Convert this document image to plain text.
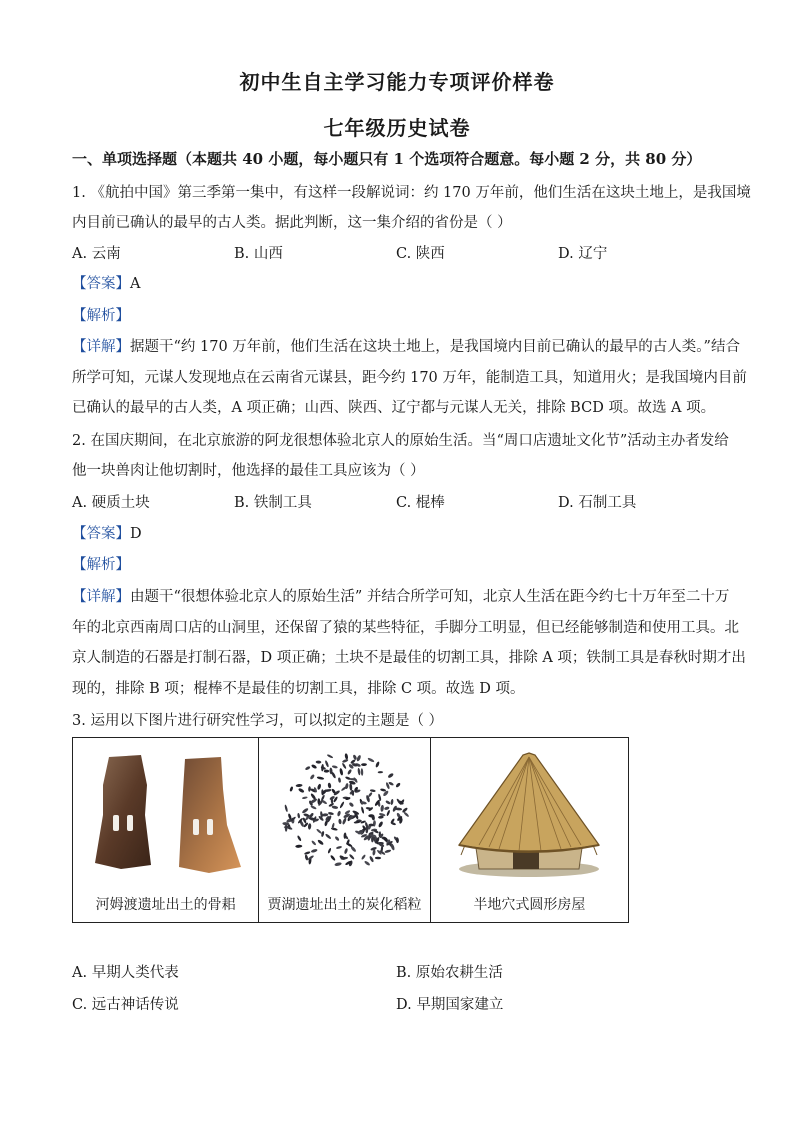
初中生自主学习能力专项评价样卷
七年级历史试卷
一、单项选择题（本题共 40 小题，每小题只有 1 个选项符合题意。每小题 2 分，共 80 分）
1. 《航拍中国》第三季第一集中，有这样一段解说词：约 170 万年前，他们生活在这块土地上，是我国境
内目前已确认的最早的古人类。据此判断，这一集介绍的省份是（ ）
A. 云南	B. 山西	C. 陕西	D. 辽宁
【答案】A
【解析】
【详解】据题干“约 170 万年前，他们生活在这块土地上，是我国境内目前已确认的最早的古人类。”结合
所学可知，元谋人发现地点在云南省元谋县，距今约 170 万年，能制造工具，知道用火；是我国境内目前
已确认的最早的古人类，A 项正确；山西、陕西、辽宁都与元谋人无关，排除 BCD 项。故选 A 项。
2. 在国庆期间，在北京旅游的阿龙很想体验北京人的原始生活。当“周口店遗址文化节”活动主办者发给
他一块兽肉让他切割时，他选择的最佳工具应该为（ ）
A. 硬质土块	B. 铁制工具	C. 棍棒	D. 石制工具
【答案】D
【解析】
【详解】由题干“很想体验北京人的原始生活” 并结合所学可知，北京人生活在距今约七十万年至二十万
年的北京西南周口店的山洞里，还保留了猿的某些特征，手脚分工明显，但已经能够制造和使用工具。北
京人制造的石器是打制石器，D 项正确；土块不是最佳的切割工具，排除 A 项；铁制工具是春秋时期才出
现的，排除 B 项；棍棒不是最佳的切割工具，排除 C 项。故选 D 项。
3. 运用以下图片进行研究性学习，可以拟定的主题是（ ）
河姆渡遗址出土的骨耜	贾湖遗址出土的炭化稻粒	半地穴式圆形房屋
A. 早期人类代表	B. 原始农耕生活
C. 远古神话传说	D. 早期国家建立
